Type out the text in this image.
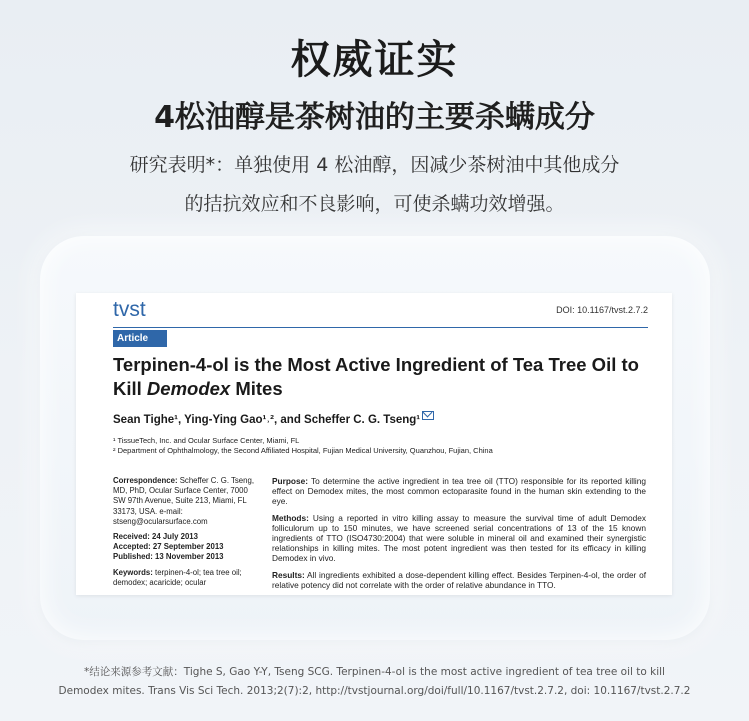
权威证实
4松油醇是茶树油的主要杀螨成分
研究表明*：单独使用 4 松油醇，因减少茶树油中其他成分
的拮抗效应和不良影响，可使杀螨功效增强。
tvst	DOI: 10.1167/tvst.2.7.2
Article
Terpinen-4-ol is the Most Active Ingredient of Tea Tree Oil to Kill Demodex Mites
Sean Tighe¹, Ying-Ying Gao¹˒², and Scheffer C. G. Tseng¹
¹ TissueTech, Inc. and Ocular Surface Center, Miami, FL
² Department of Ophthalmology, the Second Affiliated Hospital, Fujian Medical University, Quanzhou, Fujian, China
Correspondence: Scheffer C. G. Tseng, MD, PhD, Ocular Surface Center, 7000 SW 97th Avenue, Suite 213, Miami, FL 33173, USA. e-mail: stseng@ocularsurface.com
Received: 24 July 2013
Accepted: 27 September 2013
Published: 13 November 2013
Keywords: terpinen-4-ol; tea tree oil; demodex; acaricide; ocular

Purpose: To determine the active ingredient in tea tree oil (TTO) responsible for its reported killing effect on Demodex mites, the most common ectoparasite found in the human skin extending to the eye.

Methods: Using a reported in vitro killing assay to measure the survival time of adult Demodex folliculorum up to 150 minutes, we have screened serial concentrations of 13 of the 15 known ingredients of TTO (ISO4730:2004) that were soluble in mineral oil and examined their synergistic relationships in killing mites. The most potent ingredient was then tested for its efficacy in killing Demodex in vivo.

Results: All ingredients exhibited a dose-dependent killing effect. Besides Terpinen-4-ol, the order of relative potency did not correlate with the order of relative abundance in TTO.

*结论来源参考文献：Tighe S, Gao Y-Y, Tseng SCG. Terpinen-4-ol is the most active ingredient of tea tree oil to kill
Demodex mites. Trans Vis Sci Tech. 2013;2(7):2, http://tvstjournal.org/doi/full/10.1167/tvst.2.7.2, doi: 10.1167/tvst.2.7.2
